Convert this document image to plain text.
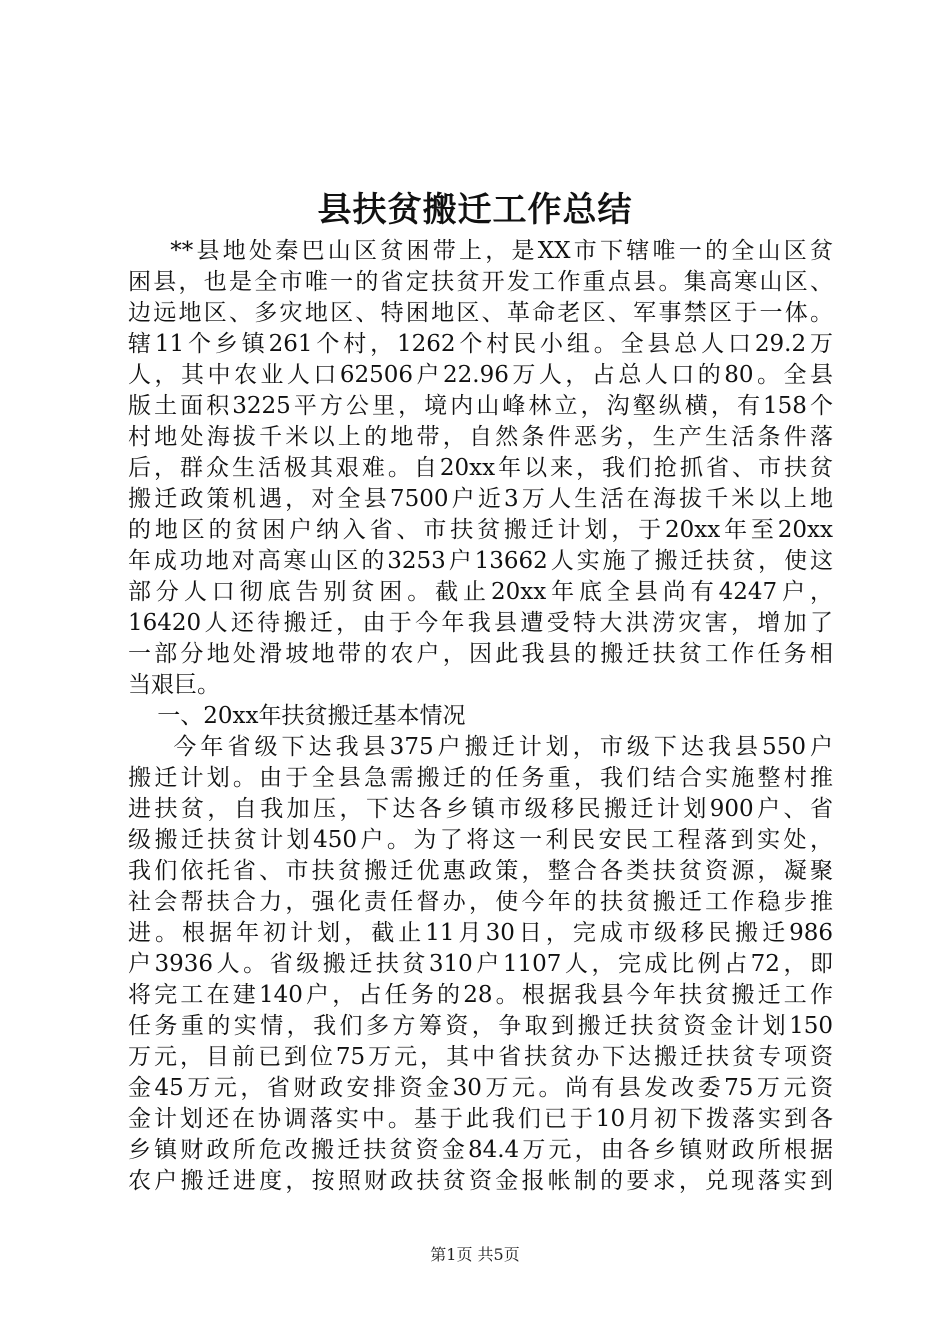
县扶贫搬迁工作总结
**县地处秦巴山区贫困带上，是XX市下辖唯一的全山区贫
困县，也是全市唯一的省定扶贫开发工作重点县。集高寒山区、
边远地区、多灾地区、特困地区、革命老区、军事禁区于一体。
辖11个乡镇261个村，1262个村民小组。全县总人口29.2万
人，其中农业人口62506户22.96万人，占总人口的80。全县
版土面积3225平方公里，境内山峰林立，沟壑纵横，有158个
村地处海拔千米以上的地带，自然条件恶劣，生产生活条件落
后，群众生活极其艰难。自20xx年以来，我们抢抓省、市扶贫
搬迁政策机遇，对全县7500户近3万人生活在海拔千米以上地
的地区的贫困户纳入省、市扶贫搬迁计划，于20xx年至20xx
年成功地对高寒山区的3253户13662人实施了搬迁扶贫，使这
部分人口彻底告别贫困。截止20xx年底全县尚有4247户，
16420人还待搬迁，由于今年我县遭受特大洪涝灾害，增加了
一部分地处滑坡地带的农户，因此我县的搬迁扶贫工作任务相
当艰巨。
一、20xx年扶贫搬迁基本情况
今年省级下达我县375户搬迁计划，市级下达我县550户
搬迁计划。由于全县急需搬迁的任务重，我们结合实施整村推
进扶贫，自我加压，下达各乡镇市级移民搬迁计划900户、省
级搬迁扶贫计划450户。为了将这一利民安民工程落到实处，
我们依托省、市扶贫搬迁优惠政策，整合各类扶贫资源，凝聚
社会帮扶合力，强化责任督办，使今年的扶贫搬迁工作稳步推
进。根据年初计划，截止11月30日，完成市级移民搬迁986
户3936人。省级搬迁扶贫310户1107人，完成比例占72，即
将完工在建140户，占任务的28。根据我县今年扶贫搬迁工作
任务重的实情，我们多方筹资，争取到搬迁扶贫资金计划150
万元，目前已到位75万元，其中省扶贫办下达搬迁扶贫专项资
金45万元，省财政安排资金30万元。尚有县发改委75万元资
金计划还在协调落实中。基于此我们已于10月初下拨落实到各
乡镇财政所危改搬迁扶贫资金84.4万元，由各乡镇财政所根据
农户搬迁进度，按照财政扶贫资金报帐制的要求，兑现落实到
第1页 共5页
